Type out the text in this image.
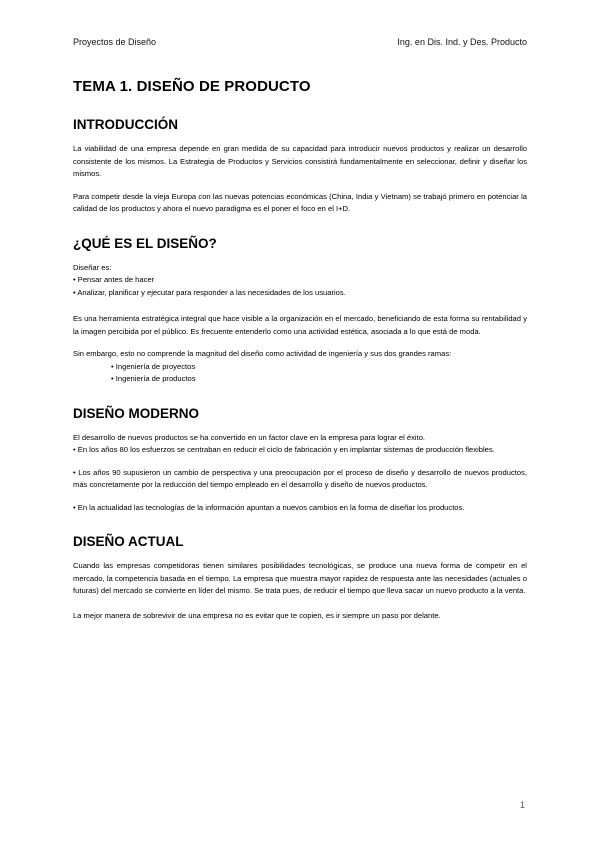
Proyectos de Diseño	Ing. en Dis. Ind. y Des. Producto
TEMA 1. DISEÑO DE PRODUCTO
INTRODUCCIÓN

La viabilidad de una empresa depende en gran medida de su capacidad para introducir nuevos productos y realizar un desarrollo consistente de los mismos. La Estrategia de Productos y Servicios consistirá fundamentalmente en seleccionar, definir y diseñar los mismos.

Para competir desde la vieja Europa con las nuevas potencias económicas (China, India y Vietnam) se trabajó primero en potenciar la calidad de los productos y ahora el nuevo paradigma es el poner el foco en el I+D.

¿QUÉ ES EL DISEÑO?
Diseñar es:
• Pensar antes de hacer
• Analizar, planificar y ejecutar para responder a las necesidades de los usuarios.

Es una herramienta estratégica integral que hace visible a la organización en el mercado, beneficiando de esta forma su rentabilidad y la imagen percibida por el público. Es frecuente entenderlo como una actividad estética, asociada a lo que está de moda.

Sin embargo, esto no comprende la magnitud del diseño como actividad de ingeniería y sus dos grandes ramas:

• Ingeniería de proyectos
• Ingeniería de productos
DISEÑO MODERNO

El desarrollo de nuevos productos se ha convertido en un factor clave en la empresa para lograr el éxito.

• En los años 80 los esfuerzos se centraban en reducir el ciclo de fabricación y en implantar sistemas de producción flexibles.

• Los años 90 supusieron un cambio de perspectiva y una preocupación por el proceso de diseño y desarrollo de nuevos productos, más concretamente por la reducción del tiempo empleado en el desarrollo y diseño de nuevos productos.

• En la actualidad las tecnologías de la información apuntan a nuevos cambios en la forma de diseñar los productos.

DISEÑO ACTUAL

Cuando las empresas competidoras tienen similares posibilidades tecnológicas, se produce una nueva forma de competir en el mercado, la competencia basada en el tiempo. La empresa que muestra mayor rapidez de respuesta ante las necesidades (actuales o futuras) del mercado se convierte en líder del mismo. Se trata pues, de reducir el tiempo que lleva sacar un nuevo producto a la venta.

La mejor manera de sobrevivir de una empresa no es evitar que te copien, es ir siempre un paso por delante.

1
